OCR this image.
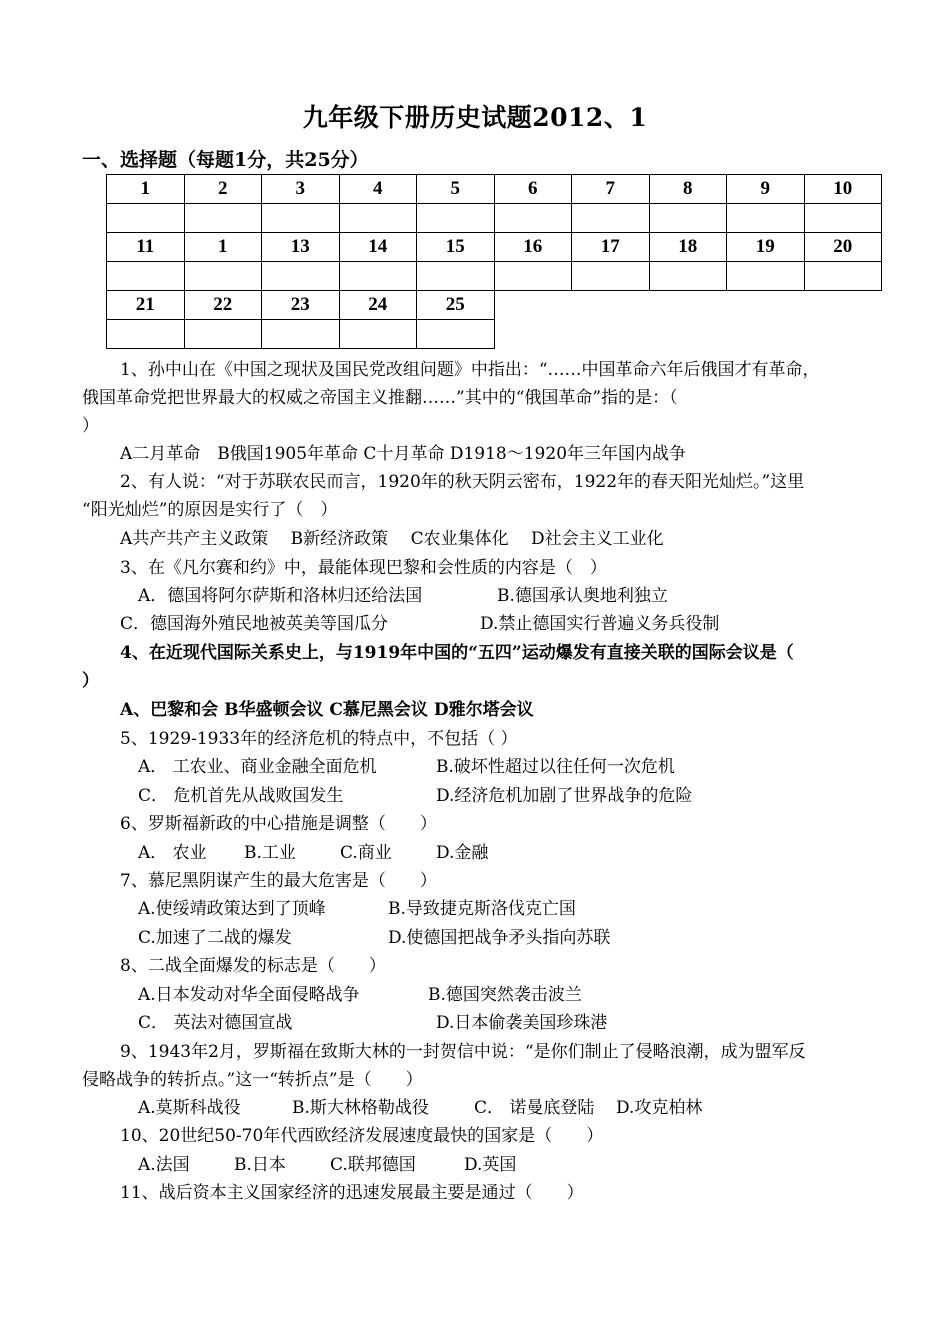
九年级下册历史试题2012、1
一、选择题（每题1分，共25分）
1	2	3	4	5	6	7	8	9	10

11	1	13	14	15	16	17	18	19	20

21	22	23	24	25					

1、孙中山在《中国之现状及国民党改组问题》中指出：“……中国革命六年后俄国才有革命，
俄国革命党把世界最大的权威之帝国主义推翻……”其中的“俄国革命”指的是：（
）
A二月革命　B俄国1905年革命 C十月革命 D1918～1920年三年国内战争
2、有人说：“对于苏联农民而言，1920年的秋天阴云密布，1922年的春天阳光灿烂。”这里
“阳光灿烂”的原因是实行了（　）
A共产共产主义政策　 B新经济政策　 C农业集体化　 D社会主义工业化
3、在《凡尔赛和约》中，最能体现巴黎和会性质的内容是（　）
A．德国将阿尔萨斯和洛林归还给法国	B.德国承认奥地利独立
C．德国海外殖民地被英美等国瓜分	D.禁止德国实行普遍义务兵役制
4、在近现代国际关系史上，与1919年中国的“五四”运动爆发有直接关联的国际会议是（
）
A、巴黎和会 B华盛顿会议 C慕尼黑会议 D雅尔塔会议
5、1929-1933年的经济危机的特点中，不包括（ ）
A． 工农业、商业金融全面危机	B.破坏性超过以往任何一次危机
C． 危机首先从战败国发生	D.经济危机加剧了世界战争的危险
6、罗斯福新政的中心措施是调整（　　）
A． 农业 B.工业	C.商业	D.金融
7、慕尼黑阴谋产生的最大危害是（　　）
A.使绥靖政策达到了顶峰	B.导致捷克斯洛伐克亡国
C.加速了二战的爆发	D.使德国把战争矛头指向苏联
8、二战全面爆发的标志是（　　）
A.日本发动对华全面侵略战争	B.德国突然袭击波兰
C． 英法对德国宣战	D.日本偷袭美国珍珠港
9、1943年2月，罗斯福在致斯大林的一封贺信中说：“是你们制止了侵略浪潮，成为盟军反
侵略战争的转折点。”这一“转折点”是（　　）
A.莫斯科战役	B.斯大林格勒战役	C． 诺曼底登陆 D.攻克柏林
10、20世纪50-70年代西欧经济发展速度最快的国家是（　　）
A.法国	B.日本	C.联邦德国	D.英国
11、战后资本主义国家经济的迅速发展最主要是通过（　　）
